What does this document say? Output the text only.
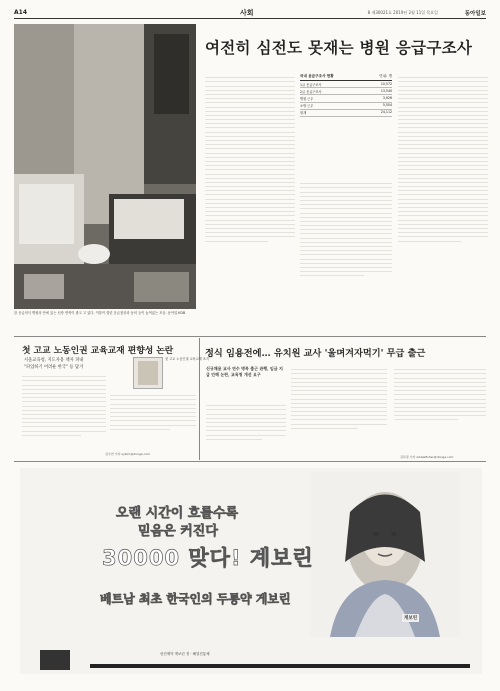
A14	사회	8 제30021호 2019년 2월 11일 목요일	동아일보
한 응급의식 병원의 안에 있는 신장 면적이 좁고 고 있다. 이불이 깔린 응급침상과 동의 등이 놓여있는 모습. 동아일보DB
여전히 심전도 못재는 병원 응급구조사
국내 응급구조사 현황	단위: 명
1급 응급구조사	10,572
2급 응급구조사	13,540
병원 근무	3,926
소방 근무	5,504
합계	24,112
첫 고교 노동인권 교육교재 편향성 논란
서울교육청, 지도자용 책자 펴내
"파업하기 어려운 한국" 등 담겨
첫 고교 노동인권 교육교재 표지
김수연 기자 sykim@donga.com
정식 임용전에… 유치원 교사 '울며겨자먹기' 무급 출근
신규채용 교사 연수 명목 출근 관행, 임금 지급 안해 논란, 교육청 개선 요구
김하경 기자 whalefisher@donga.com
오랜 시간이 흐를수록
믿음은 커진다
30000 맞다! 계보린
베트남 최초 한국인의 두통약 게보린
게보린
삼진제약 게보린 정 · 해열진통제
